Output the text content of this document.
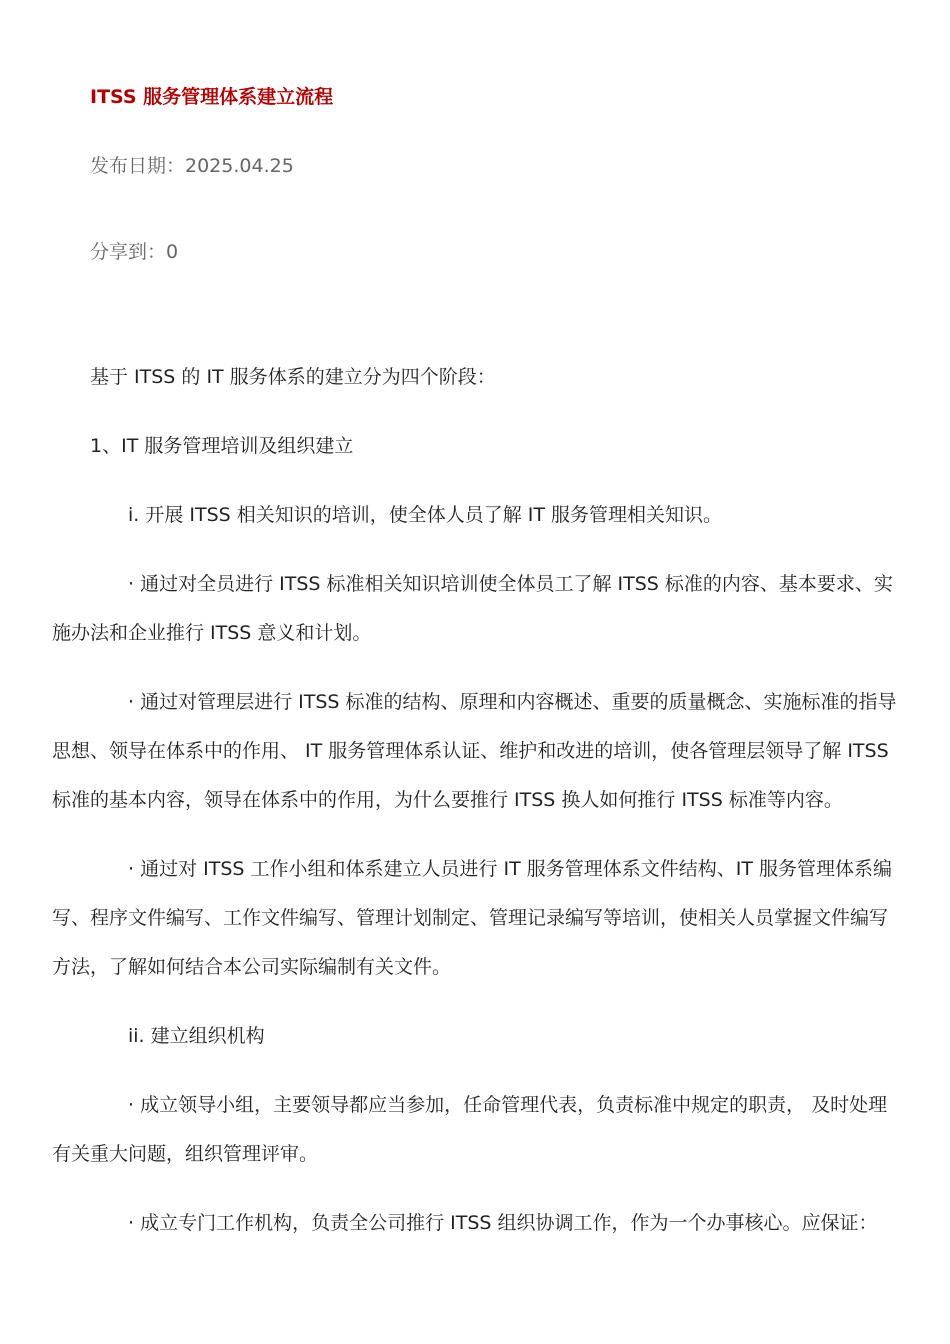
ITSS 服务管理体系建立流程
发布日期：2025.04.25
分享到：0

基于 ITSS 的 IT 服务体系的建立分为四个阶段：

1、IT 服务管理培训及组织建立

i. 开展 ITSS 相关知识的培训，使全体人员了解 IT 服务管理相关知识。

· 通过对全员进行 ITSS 标准相关知识培训使全体员工了解 ITSS 标准的内容、基本要求、实施办法和企业推行 ITSS 意义和计划。

· 通过对管理层进行 ITSS 标准的结构、原理和内容概述、重要的质量概念、实施标准的指导思想、领导在体系中的作用、 IT 服务管理体系认证、维护和改进的培训，使各管理层领导了解 ITSS 标准的基本内容，领导在体系中的作用，为什么要推行 ITSS 换人如何推行 ITSS 标准等内容。

· 通过对 ITSS 工作小组和体系建立人员进行 IT 服务管理体系文件结构、IT 服务管理体系编写、程序文件编写、工作文件编写、管理计划制定、管理记录编写等培训，使相关人员掌握文件编写方法，了解如何结合本公司实际编制有关文件。

ii. 建立组织机构

· 成立领导小组，主要领导都应当参加，任命管理代表，负责标准中规定的职责， 及时处理有关重大问题，组织管理评审。

· 成立专门工作机构，负责全公司推行 ITSS 组织协调工作，作为一个办事核心。应保证：
